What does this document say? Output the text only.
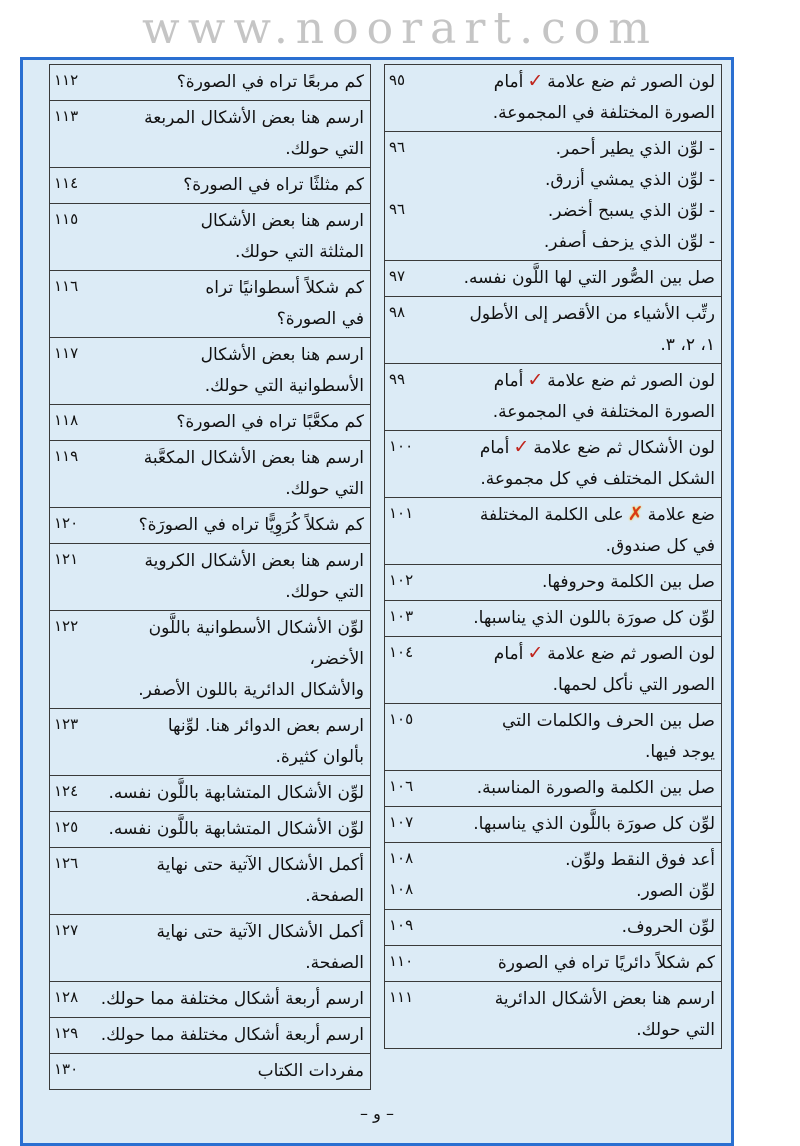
www.noorart.com
لون الصور ثم ضع علامة✓أمام
٩٥
الصورة المختلفة في المجموعة.
- لوِّن الذي يطير أحمر.
٩٦
- لوِّن الذي يمشي أزرق.
- لوِّن الذي يسبح أخضر.
٩٦
- لوِّن الذي يزحف أصفر.
صل بين الصُّور التي لها اللَّون نفسه.
٩٧
رتِّب الأشياء من الأقصر إلى الأطول
٩٨
١، ٢، ٣.
لون الصور ثم ضع علامة✓أمام
٩٩
الصورة المختلفة في المجموعة.
لون الأشكال ثم ضع علامة✓أمام
١٠٠
الشكل المختلف في كل مجموعة.
ضع علامة✗على الكلمة المختلفة
١٠١
في كل صندوق.
صل بين الكلمة وحروفها.
١٠٢
لوِّن كل صورَة باللون الذي يناسبها.
١٠٣
لون الصور ثم ضع علامة✓أمام
١٠٤
الصور التي نأكل لحمها.
صل بين الحرف والكلمات التي
١٠٥
يوجد فيها.
صل بين الكلمة والصورة المناسبة.
١٠٦
لوِّن كل صورَة باللَّون الذي يناسبها.
١٠٧
أعد فوق النقط ولوِّن.
١٠٨
لوِّن الصور.
١٠٨
لوِّن الحروف.
١٠٩
كم شكلاً دائريًا تراه في الصورة
١١٠
ارسم هنا بعض الأشكال الدائرية
١١١
التي حولك.
كم مربعًا تراه في الصورة؟
١١٢
ارسم هنا بعض الأشكال المربعة
١١٣
التي حولك.
كم مثلثًا تراه في الصورة؟
١١٤
ارسم هنا بعض الأشكال
١١٥
المثلثة التي حولك.
كم شكلاً أسطوانيًا تراه
١١٦
في الصورة؟
ارسم هنا بعض الأشكال
١١٧
الأسطوانية التي حولك.
كم مكعَّبًا تراه في الصورة؟
١١٨
ارسم هنا بعض الأشكال المكعَّبة
١١٩
التي حولك.
كم شكلاً كُرَوِيًّا تراه في الصورَة؟
١٢٠
ارسم هنا بعض الأشكال الكروية
١٢١
التي حولك.
لوِّن الأشكال الأسطوانية باللَّون الأخضر،
١٢٢
والأشكال الدائرية باللون الأصفر.
ارسم بعض الدوائر هنا. لوِّنها
١٢٣
بألوان كثيرة.
لوِّن الأشكال المتشابهة باللَّون نفسه.
١٢٤
لوِّن الأشكال المتشابهة باللَّون نفسه.
١٢٥
أكمل الأشكال الآتية حتى نهاية
١٢٦
الصفحة.
أكمل الأشكال الآتية حتى نهاية
١٢٧
الصفحة.
ارسم أربعة أشكال مختلفة مما حولك.
١٢٨
ارسم أربعة أشكال مختلفة مما حولك.
١٢٩
مفردات الكتاب
١٣٠
– و –
